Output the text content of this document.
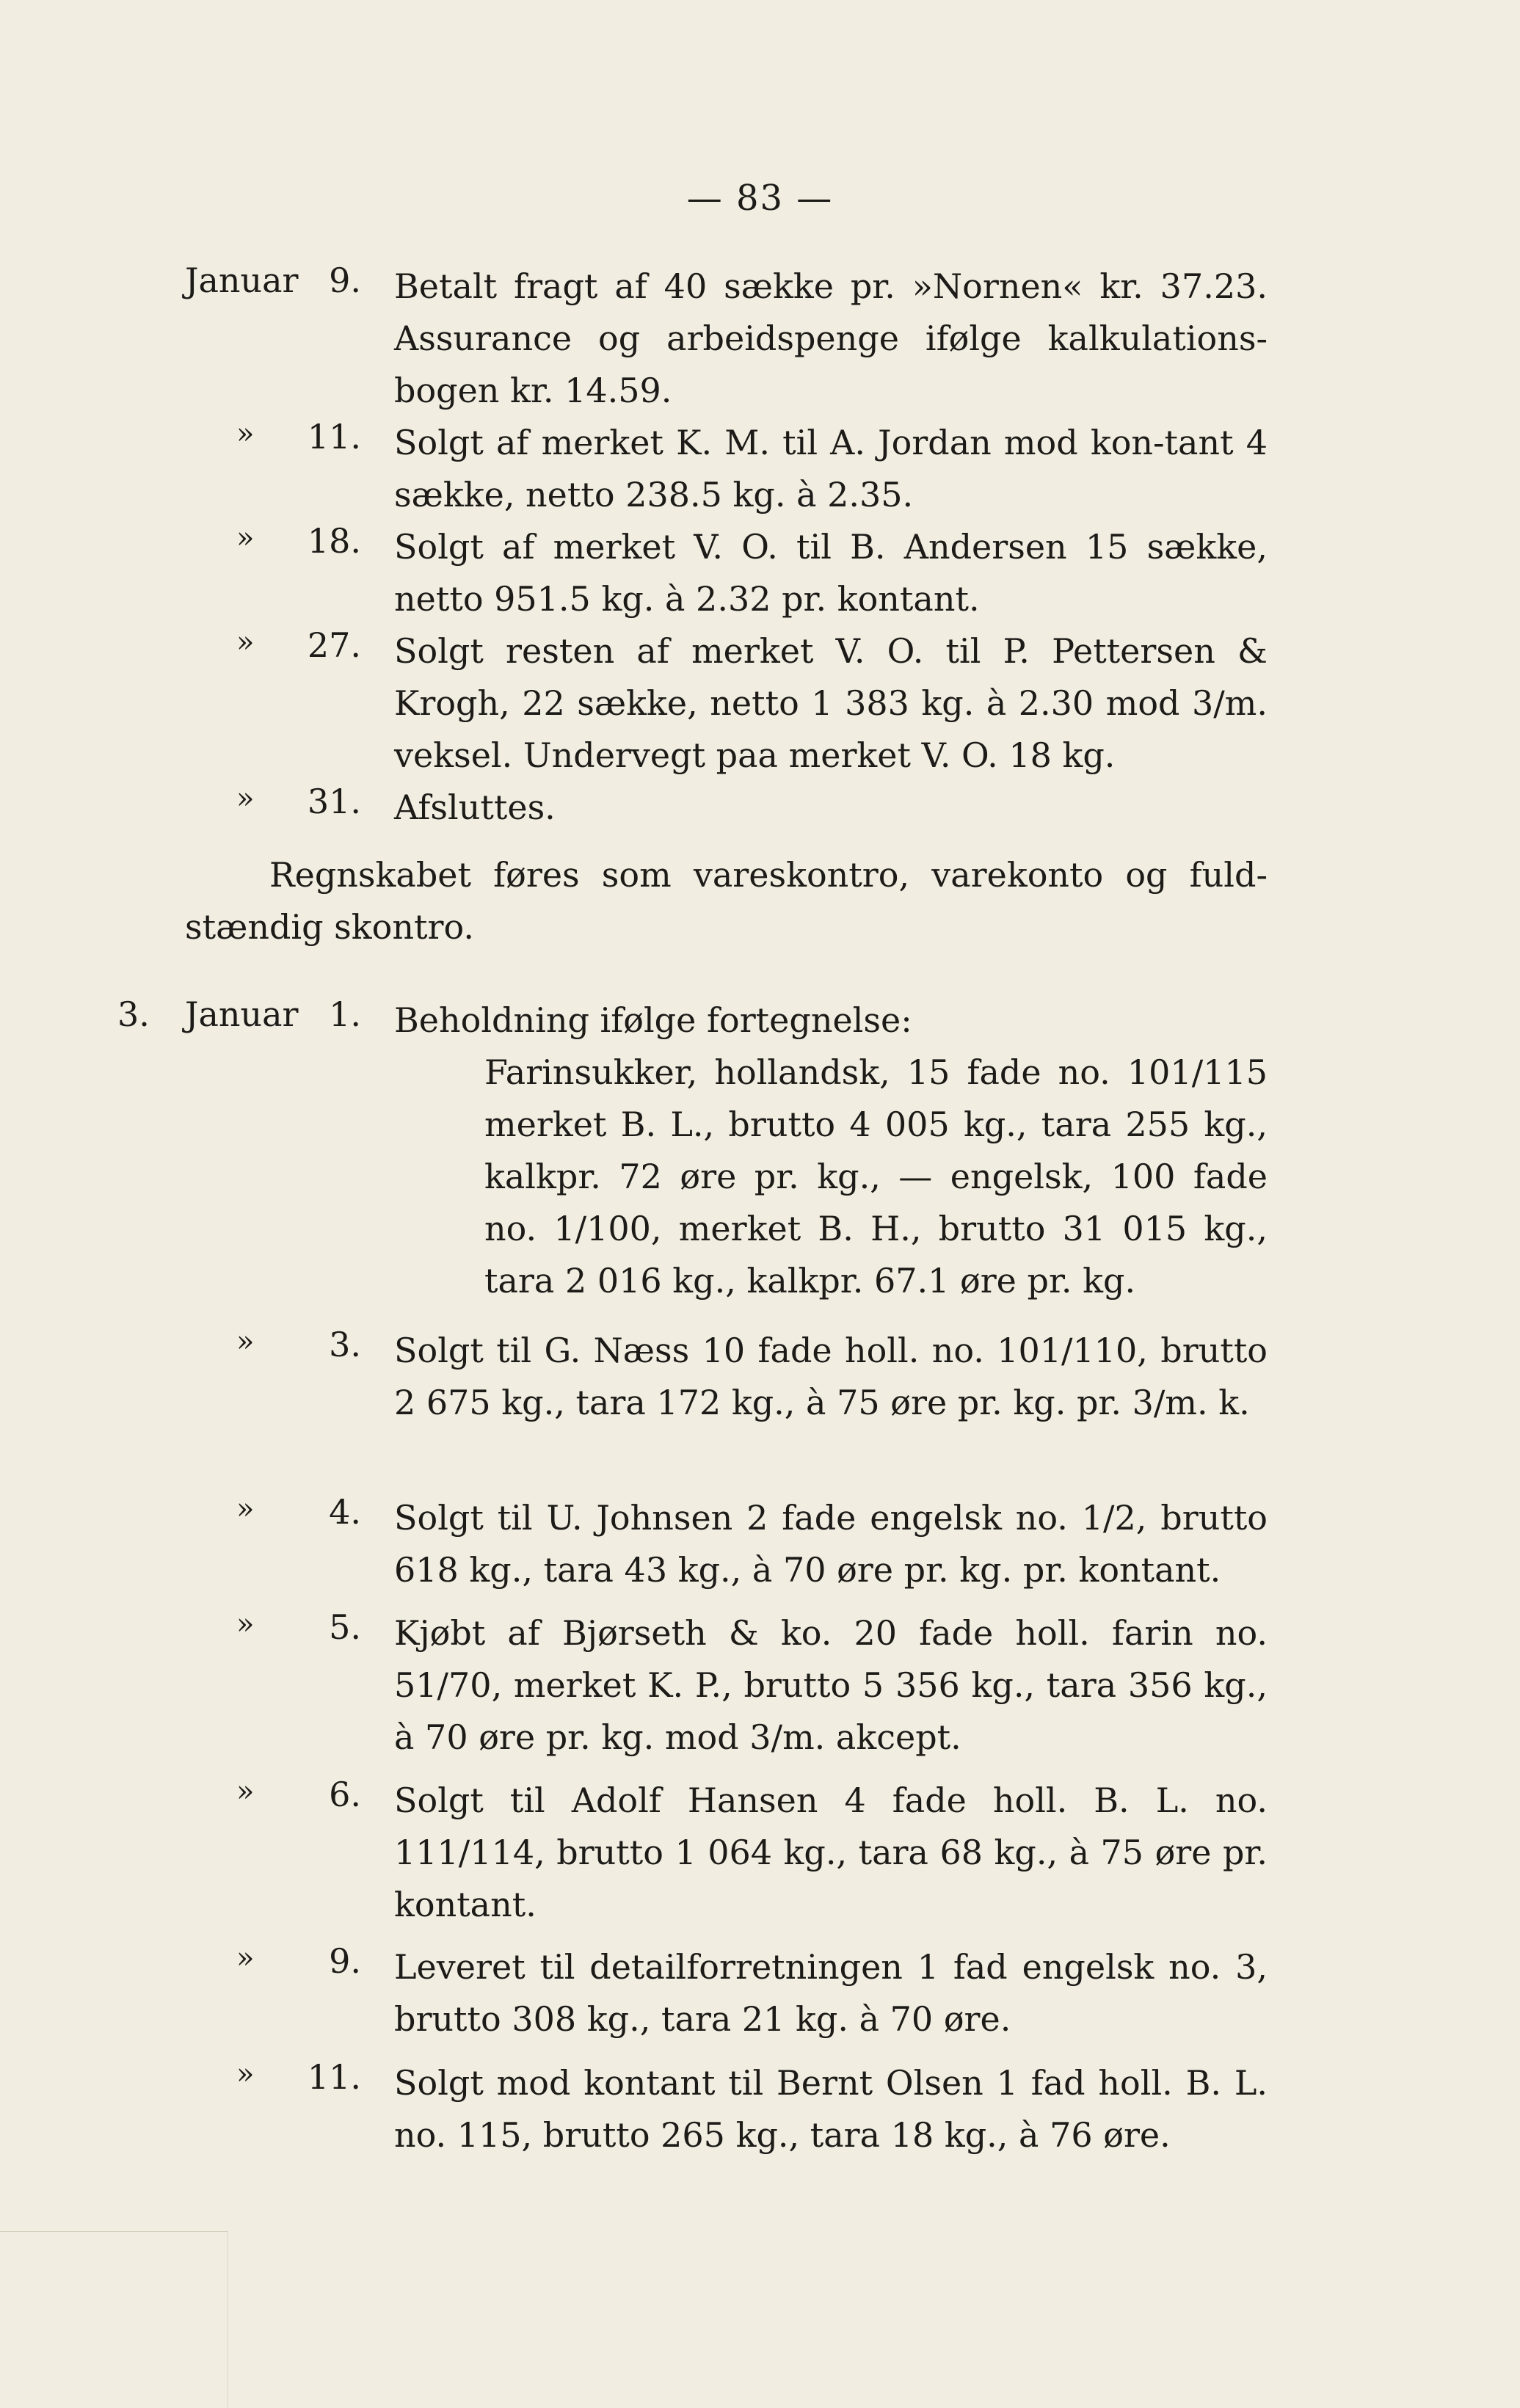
— 83 —
Januar 9. Betalt fragt af 40 sække pr. »Nornen« kr. 37.23. Assurance og arbeidspenge ifølge kalkulations-bogen kr. 14.59.
»	11. Solgt af merket K. M. til A. Jordan mod kon-tant 4 sække, netto 238.5 kg. à 2.35.
»	18. Solgt af merket V. O. til B. Andersen 15 sække, netto 951.5 kg. à 2.32 pr. kontant.
»	27. Solgt resten af merket V. O. til P. Pettersen & Krogh, 22 sække, netto 1 383 kg. à 2.30 mod 3/m. veksel. Undervegt paa merket V. O. 18 kg.
»	31. Afsluttes.
Regnskabet føres som vareskontro, varekonto og fuld-stændig skontro.
3. Januar 1. Beholdning ifølge fortegnelse:
Farinsukker, hollandsk, 15 fade no. 101/115 merket B. L., brutto 4 005 kg., tara 255 kg., kalkpr. 72 øre pr. kg., — engelsk, 100 fade no. 1/100, merket B. H., brutto 31 015 kg., tara 2 016 kg., kalkpr. 67.1 øre pr. kg.
»	3. Solgt til G. Næss 10 fade holl. no. 101/110, brutto 2 675 kg., tara 172 kg., à 75 øre pr. kg. pr. 3/m. k.
»	4. Solgt til U. Johnsen 2 fade engelsk no. 1/2, brutto 618 kg., tara 43 kg., à 70 øre pr. kg. pr. kontant.
»	5. Kjøbt af Bjørseth & ko. 20 fade holl. farin no. 51/70, merket K. P., brutto 5 356 kg., tara 356 kg., à 70 øre pr. kg. mod 3/m. akcept.
»	6. Solgt til Adolf Hansen 4 fade holl. B. L. no. 111/114, brutto 1 064 kg., tara 68 kg., à 75 øre pr. kontant.
»	9. Leveret til detailforretningen 1 fad engelsk no. 3, brutto 308 kg., tara 21 kg. à 70 øre.
»	11. Solgt mod kontant til Bernt Olsen 1 fad holl. B. L. no. 115, brutto 265 kg., tara 18 kg., à 76 øre.
